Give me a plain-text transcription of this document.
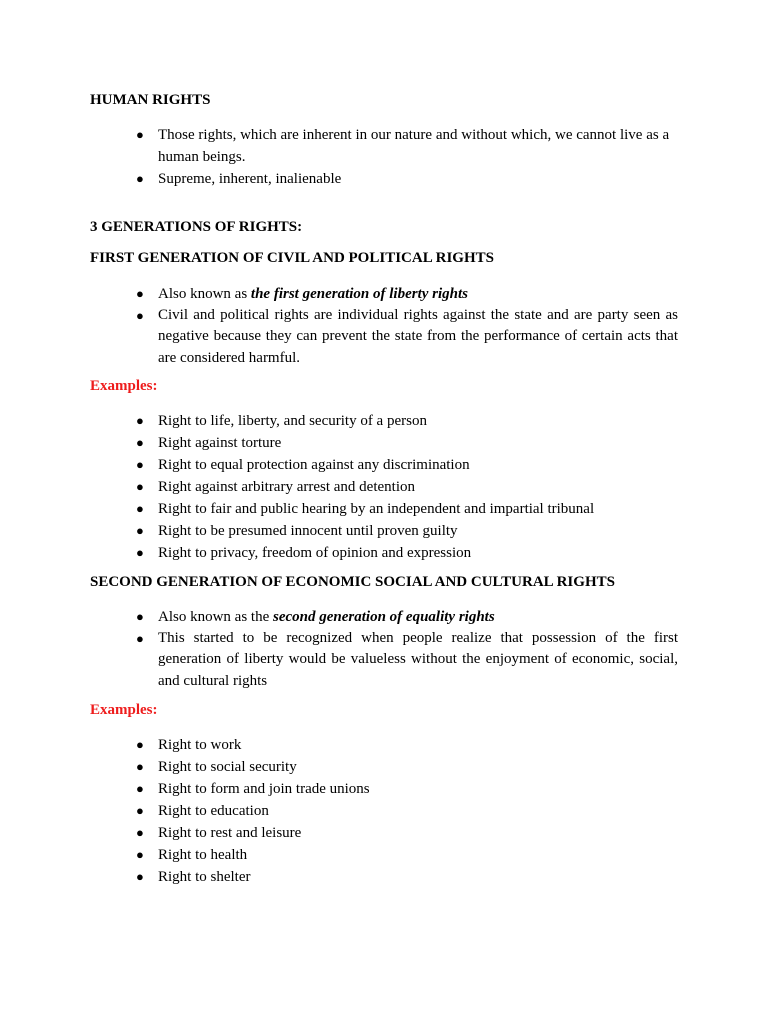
HUMAN RIGHTS
● Those rights, which are inherent in our nature and without which, we cannot live as a human beings.
● Supreme, inherent, inalienable
3 GENERATIONS OF RIGHTS:
FIRST GENERATION OF CIVIL AND POLITICAL RIGHTS
● Also known as the first generation of liberty rights
● Civil and political rights are individual rights against the state and are party seen as negative because they can prevent the state from the performance of certain acts that are considered harmful.
Examples:
● Right to life, liberty, and security of a person
● Right against torture
● Right to equal protection against any discrimination
● Right against arbitrary arrest and detention
● Right to fair and public hearing by an independent and impartial tribunal
● Right to be presumed innocent until proven guilty
● Right to privacy, freedom of opinion and expression
SECOND GENERATION OF ECONOMIC SOCIAL AND CULTURAL RIGHTS
● Also known as the second generation of equality rights
● This started to be recognized when people realize that possession of the first generation of liberty would be valueless without the enjoyment of economic, social, and cultural rights
Examples:
● Right to work
● Right to social security
● Right to form and join trade unions
● Right to education
● Right to rest and leisure
● Right to health
● Right to shelter
